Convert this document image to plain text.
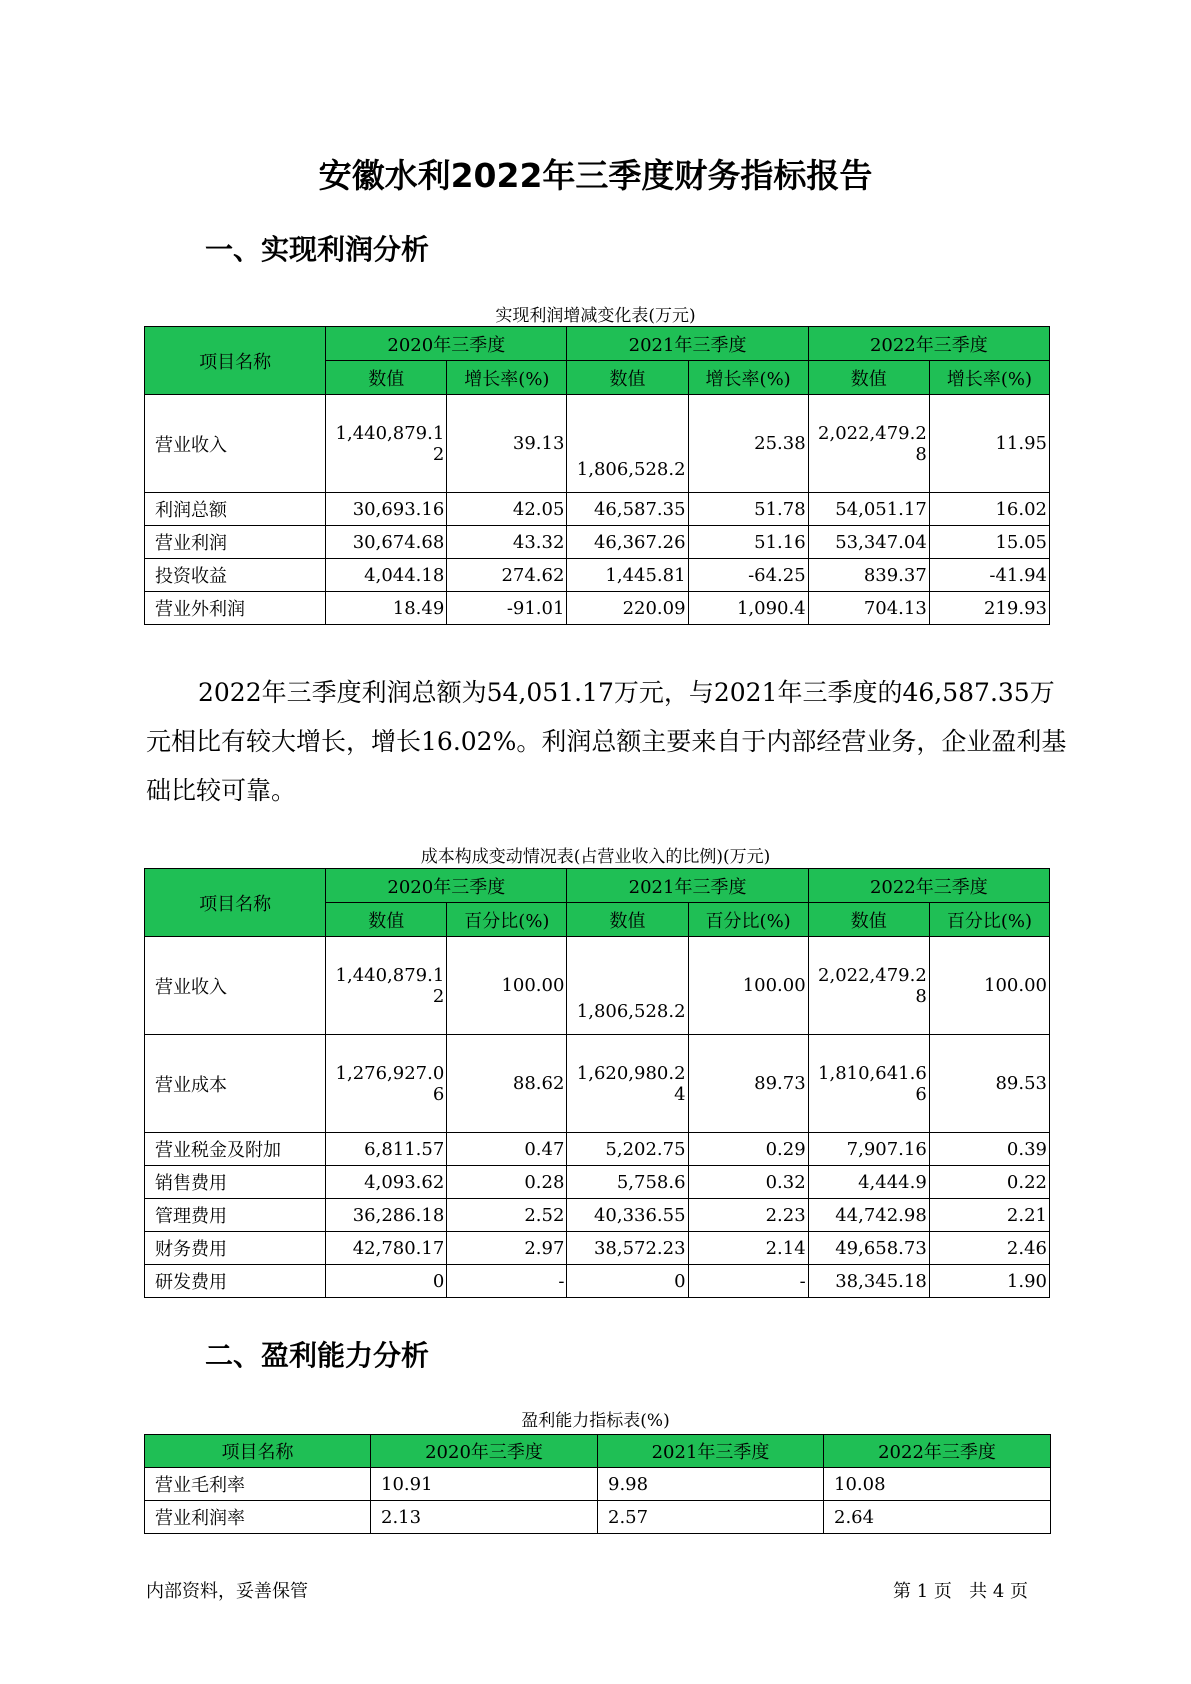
安徽水利2022年三季度财务指标报告
一、实现利润分析
实现利润增减变化表(万元)
项目名称	2020年三季度		2021年三季度		2022年三季度	
	数值	增长率(%)	数值	增长率(%)	数值	增长率(%)
营业收入	1,440,879.12	39.13	1,806,528.2	25.38	2,022,479.28	11.95
利润总额	30,693.16	42.05	46,587.35	51.78	54,051.17	16.02
营业利润	30,674.68	43.32	46,367.26	51.16	53,347.04	15.05
投资收益	4,044.18	274.62	1,445.81	-64.25	839.37	-41.94
营业外利润	18.49	-91.01	220.09	1,090.4	704.13	219.93

2022年三季度利润总额为54,051.17万元，与2021年三季度的46,587.35万元相比有较大增长，增长16.02%。利润总额主要来自于内部经营业务，企业盈利基础比较可靠。

成本构成变动情况表(占营业收入的比例)(万元)
项目名称	2020年三季度		2021年三季度		2022年三季度	
	数值	百分比(%)	数值	百分比(%)	数值	百分比(%)
营业收入	1,440,879.12	100.00	1,806,528.2	100.00	2,022,479.28	100.00
营业成本	1,276,927.06	88.62	1,620,980.24	89.73	1,810,641.66	89.53
营业税金及附加	6,811.57	0.47	5,202.75	0.29	7,907.16	0.39
销售费用	4,093.62	0.28	5,758.6	0.32	4,444.9	0.22
管理费用	36,286.18	2.52	40,336.55	2.23	44,742.98	2.21
财务费用	42,780.17	2.97	38,572.23	2.14	49,658.73	2.46
研发费用	0	-	0	-	38,345.18	1.90
二、盈利能力分析
盈利能力指标表(%)
项目名称	2020年三季度	2021年三季度	2022年三季度
营业毛利率	10.91	9.98	10.08
营业利润率	2.13	2.57	2.64
内部资料，妥善保管	第 1 页 共 4 页
